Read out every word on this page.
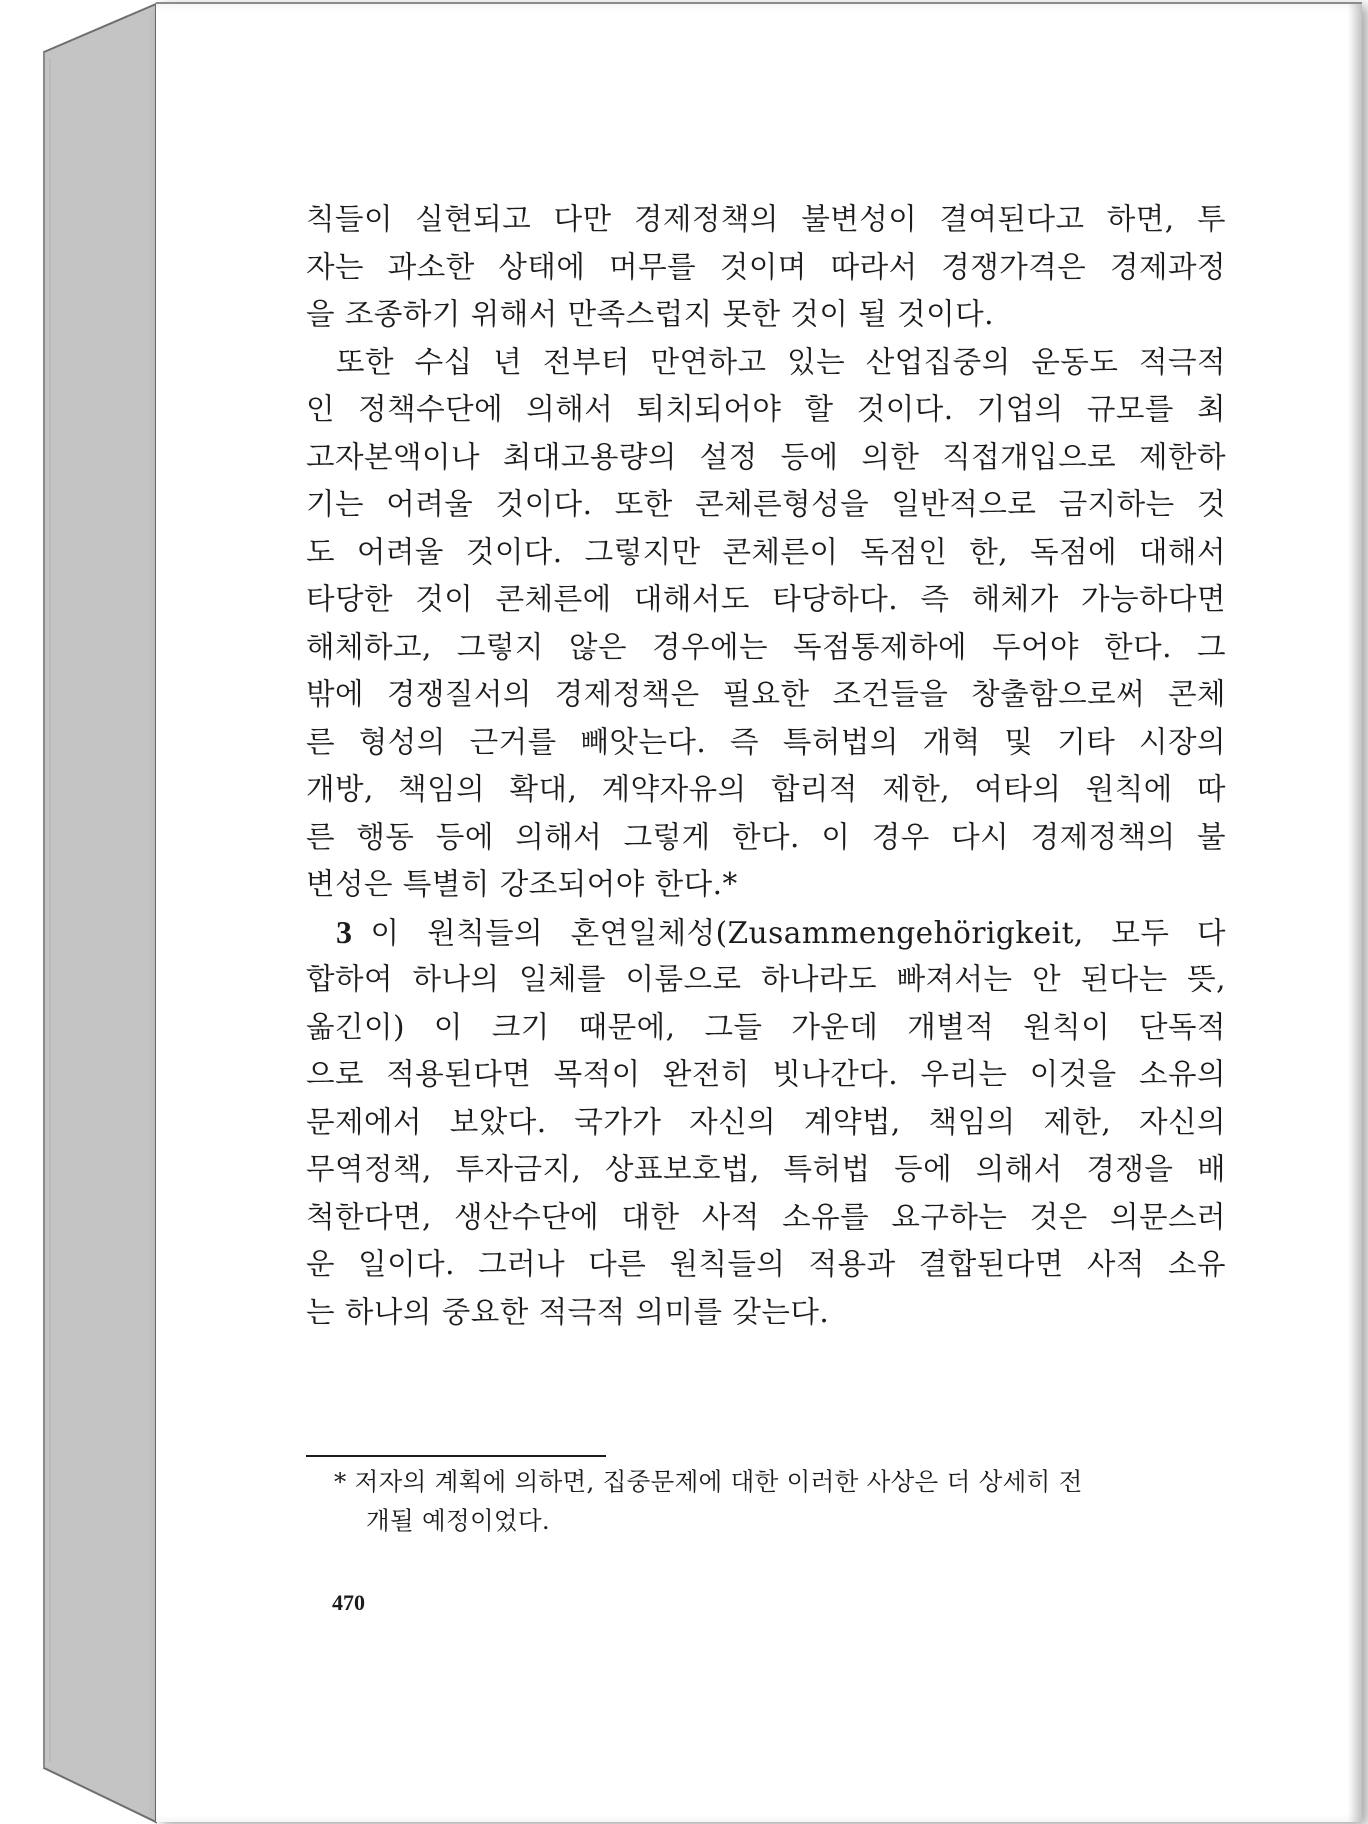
칙들이 실현되고 다만 경제정책의 불변성이 결여된다고 하면, 투
자는 과소한 상태에 머무를 것이며 따라서 경쟁가격은 경제과정
을 조종하기 위해서 만족스럽지 못한 것이 될 것이다.
또한 수십 년 전부터 만연하고 있는 산업집중의 운동도 적극적
인 정책수단에 의해서 퇴치되어야 할 것이다. 기업의 규모를 최
고자본액이나 최대고용량의 설정 등에 의한 직접개입으로 제한하
기는 어려울 것이다. 또한 콘체른형성을 일반적으로 금지하는 것
도 어려울 것이다. 그렇지만 콘체른이 독점인 한, 독점에 대해서
타당한 것이 콘체른에 대해서도 타당하다. 즉 해체가 가능하다면
해체하고, 그렇지 않은 경우에는 독점통제하에 두어야 한다. 그
밖에 경쟁질서의 경제정책은 필요한 조건들을 창출함으로써 콘체
른 형성의 근거를 빼앗는다. 즉 특허법의 개혁 및 기타 시장의
개방, 책임의 확대, 계약자유의 합리적 제한, 여타의 원칙에 따
른 행동 등에 의해서 그렇게 한다. 이 경우 다시 경제정책의 불
변성은 특별히 강조되어야 한다.*
3 이 원칙들의 혼연일체성(Zusammengehörigkeit, 모두 다
합하여 하나의 일체를 이룸으로 하나라도 빠져서는 안 된다는 뜻,
옮긴이) 이 크기 때문에, 그들 가운데 개별적 원칙이 단독적
으로 적용된다면 목적이 완전히 빗나간다. 우리는 이것을 소유의
문제에서 보았다. 국가가 자신의 계약법, 책임의 제한, 자신의
무역정책, 투자금지, 상표보호법, 특허법 등에 의해서 경쟁을 배
척한다면, 생산수단에 대한 사적 소유를 요구하는 것은 의문스러
운 일이다. 그러나 다른 원칙들의 적용과 결합된다면 사적 소유
는 하나의 중요한 적극적 의미를 갖는다.
* 저자의 계획에 의하면, 집중문제에 대한 이러한 사상은 더 상세히 전
개될 예정이었다.
470
